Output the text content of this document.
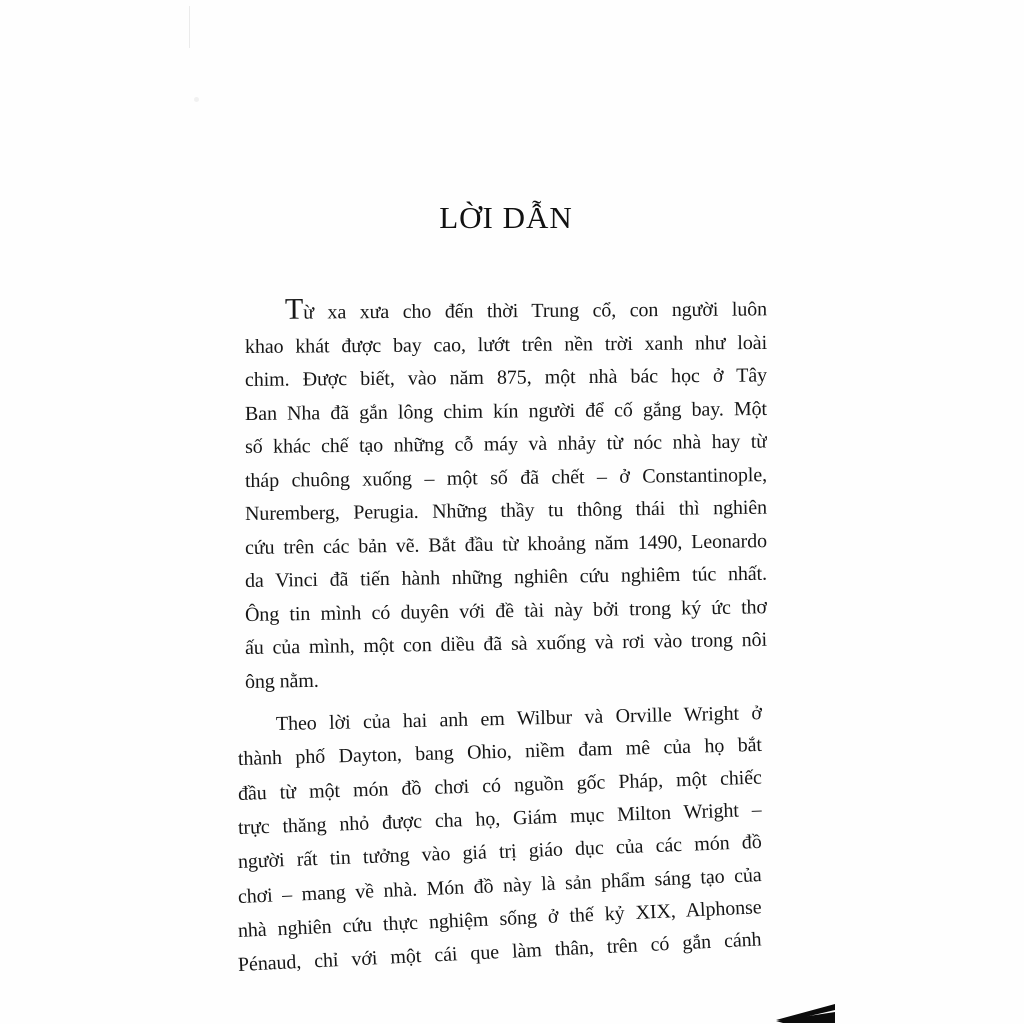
LỜI DẪN
Từ xa xưa cho đến thời Trung cổ, con người luôn
khao khát được bay cao, lướt trên nền trời xanh như loài
chim. Được biết, vào năm 875, một nhà bác học ở Tây
Ban Nha đã gắn lông chim kín người để cố gắng bay. Một
số khác chế tạo những cỗ máy và nhảy từ nóc nhà hay từ
tháp chuông xuống – một số đã chết – ở Constantinople,
Nuremberg, Perugia. Những thầy tu thông thái thì nghiên
cứu trên các bản vẽ. Bắt đầu từ khoảng năm 1490, Leonardo
da Vinci đã tiến hành những nghiên cứu nghiêm túc nhất.
Ông tin mình có duyên với đề tài này bởi trong ký ức thơ
ấu của mình, một con diều đã sà xuống và rơi vào trong nôi
ông nằm.
Theo lời của hai anh em Wilbur và Orville Wright ở
thành phố Dayton, bang Ohio, niềm đam mê của họ bắt
đầu từ một món đồ chơi có nguồn gốc Pháp, một chiếc
trực thăng nhỏ được cha họ, Giám mục Milton Wright –
người rất tin tưởng vào giá trị giáo dục của các món đồ
chơi – mang về nhà. Món đồ này là sản phẩm sáng tạo của
nhà nghiên cứu thực nghiệm sống ở thế kỷ XIX, Alphonse
Pénaud, chỉ với một cái que làm thân, trên có gắn cánh
